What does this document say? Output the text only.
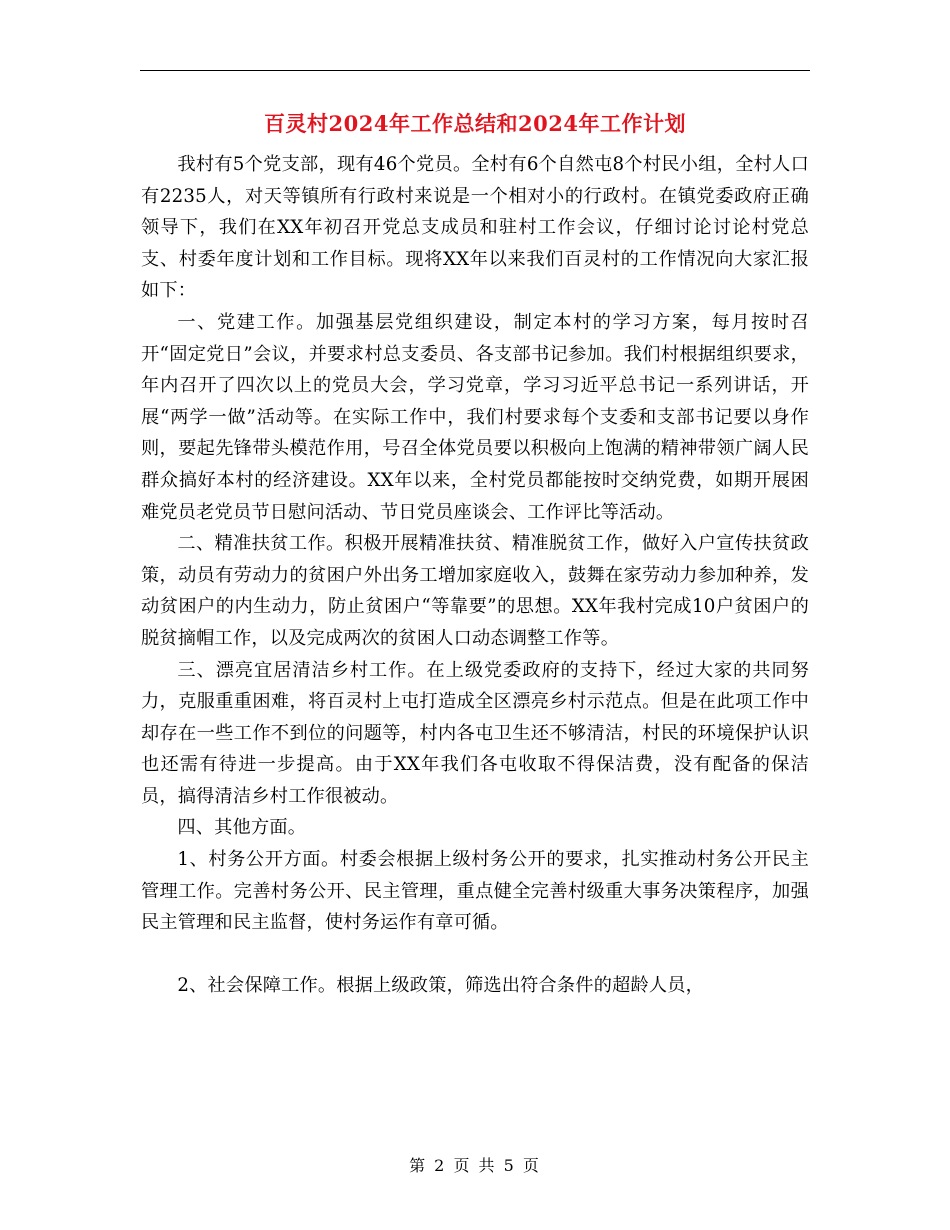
百灵村2024年工作总结和2024年工作计划

我村有5个党支部，现有46个党员。全村有6个自然屯8个村民小组，全村人口有2235人，对天等镇所有行政村来说是一个相对小的行政村。在镇党委政府正确领导下，我们在XX年初召开党总支成员和驻村工作会议，仔细讨论讨论村党总支、村委年度计划和工作目标。现将XX年以来我们百灵村的工作情况向大家汇报如下：

一、党建工作。加强基层党组织建设，制定本村的学习方案，每月按时召开“固定党日”会议，并要求村总支委员、各支部书记参加。我们村根据组织要求，年内召开了四次以上的党员大会，学习党章，学习习近平总书记一系列讲话，开展“两学一做”活动等。在实际工作中，我们村要求每个支委和支部书记要以身作则，要起先锋带头模范作用，号召全体党员要以积极向上饱满的精神带领广阔人民群众搞好本村的经济建设。XX年以来，全村党员都能按时交纳党费，如期开展困难党员老党员节日慰问活动、节日党员座谈会、工作评比等活动。

二、精准扶贫工作。积极开展精准扶贫、精准脱贫工作，做好入户宣传扶贫政策，动员有劳动力的贫困户外出务工增加家庭收入，鼓舞在家劳动力参加种养，发动贫困户的内生动力，防止贫困户“等靠要”的思想。XX年我村完成10户贫困户的脱贫摘帽工作，以及完成两次的贫困人口动态调整工作等。

三、漂亮宜居清洁乡村工作。在上级党委政府的支持下，经过大家的共同努力，克服重重困难，将百灵村上屯打造成全区漂亮乡村示范点。但是在此项工作中却存在一些工作不到位的问题等，村内各屯卫生还不够清洁，村民的环境保护认识也还需有待进一步提高。由于XX年我们各屯收取不得保洁费，没有配备的保洁员，搞得清洁乡村工作很被动。

四、其他方面。

1、村务公开方面。村委会根据上级村务公开的要求，扎实推动村务公开民主管理工作。完善村务公开、民主管理，重点健全完善村级重大事务决策程序，加强民主管理和民主监督，使村务运作有章可循。

2、社会保障工作。根据上级政策，筛选出符合条件的超龄人员，

第 2 页 共 5 页
